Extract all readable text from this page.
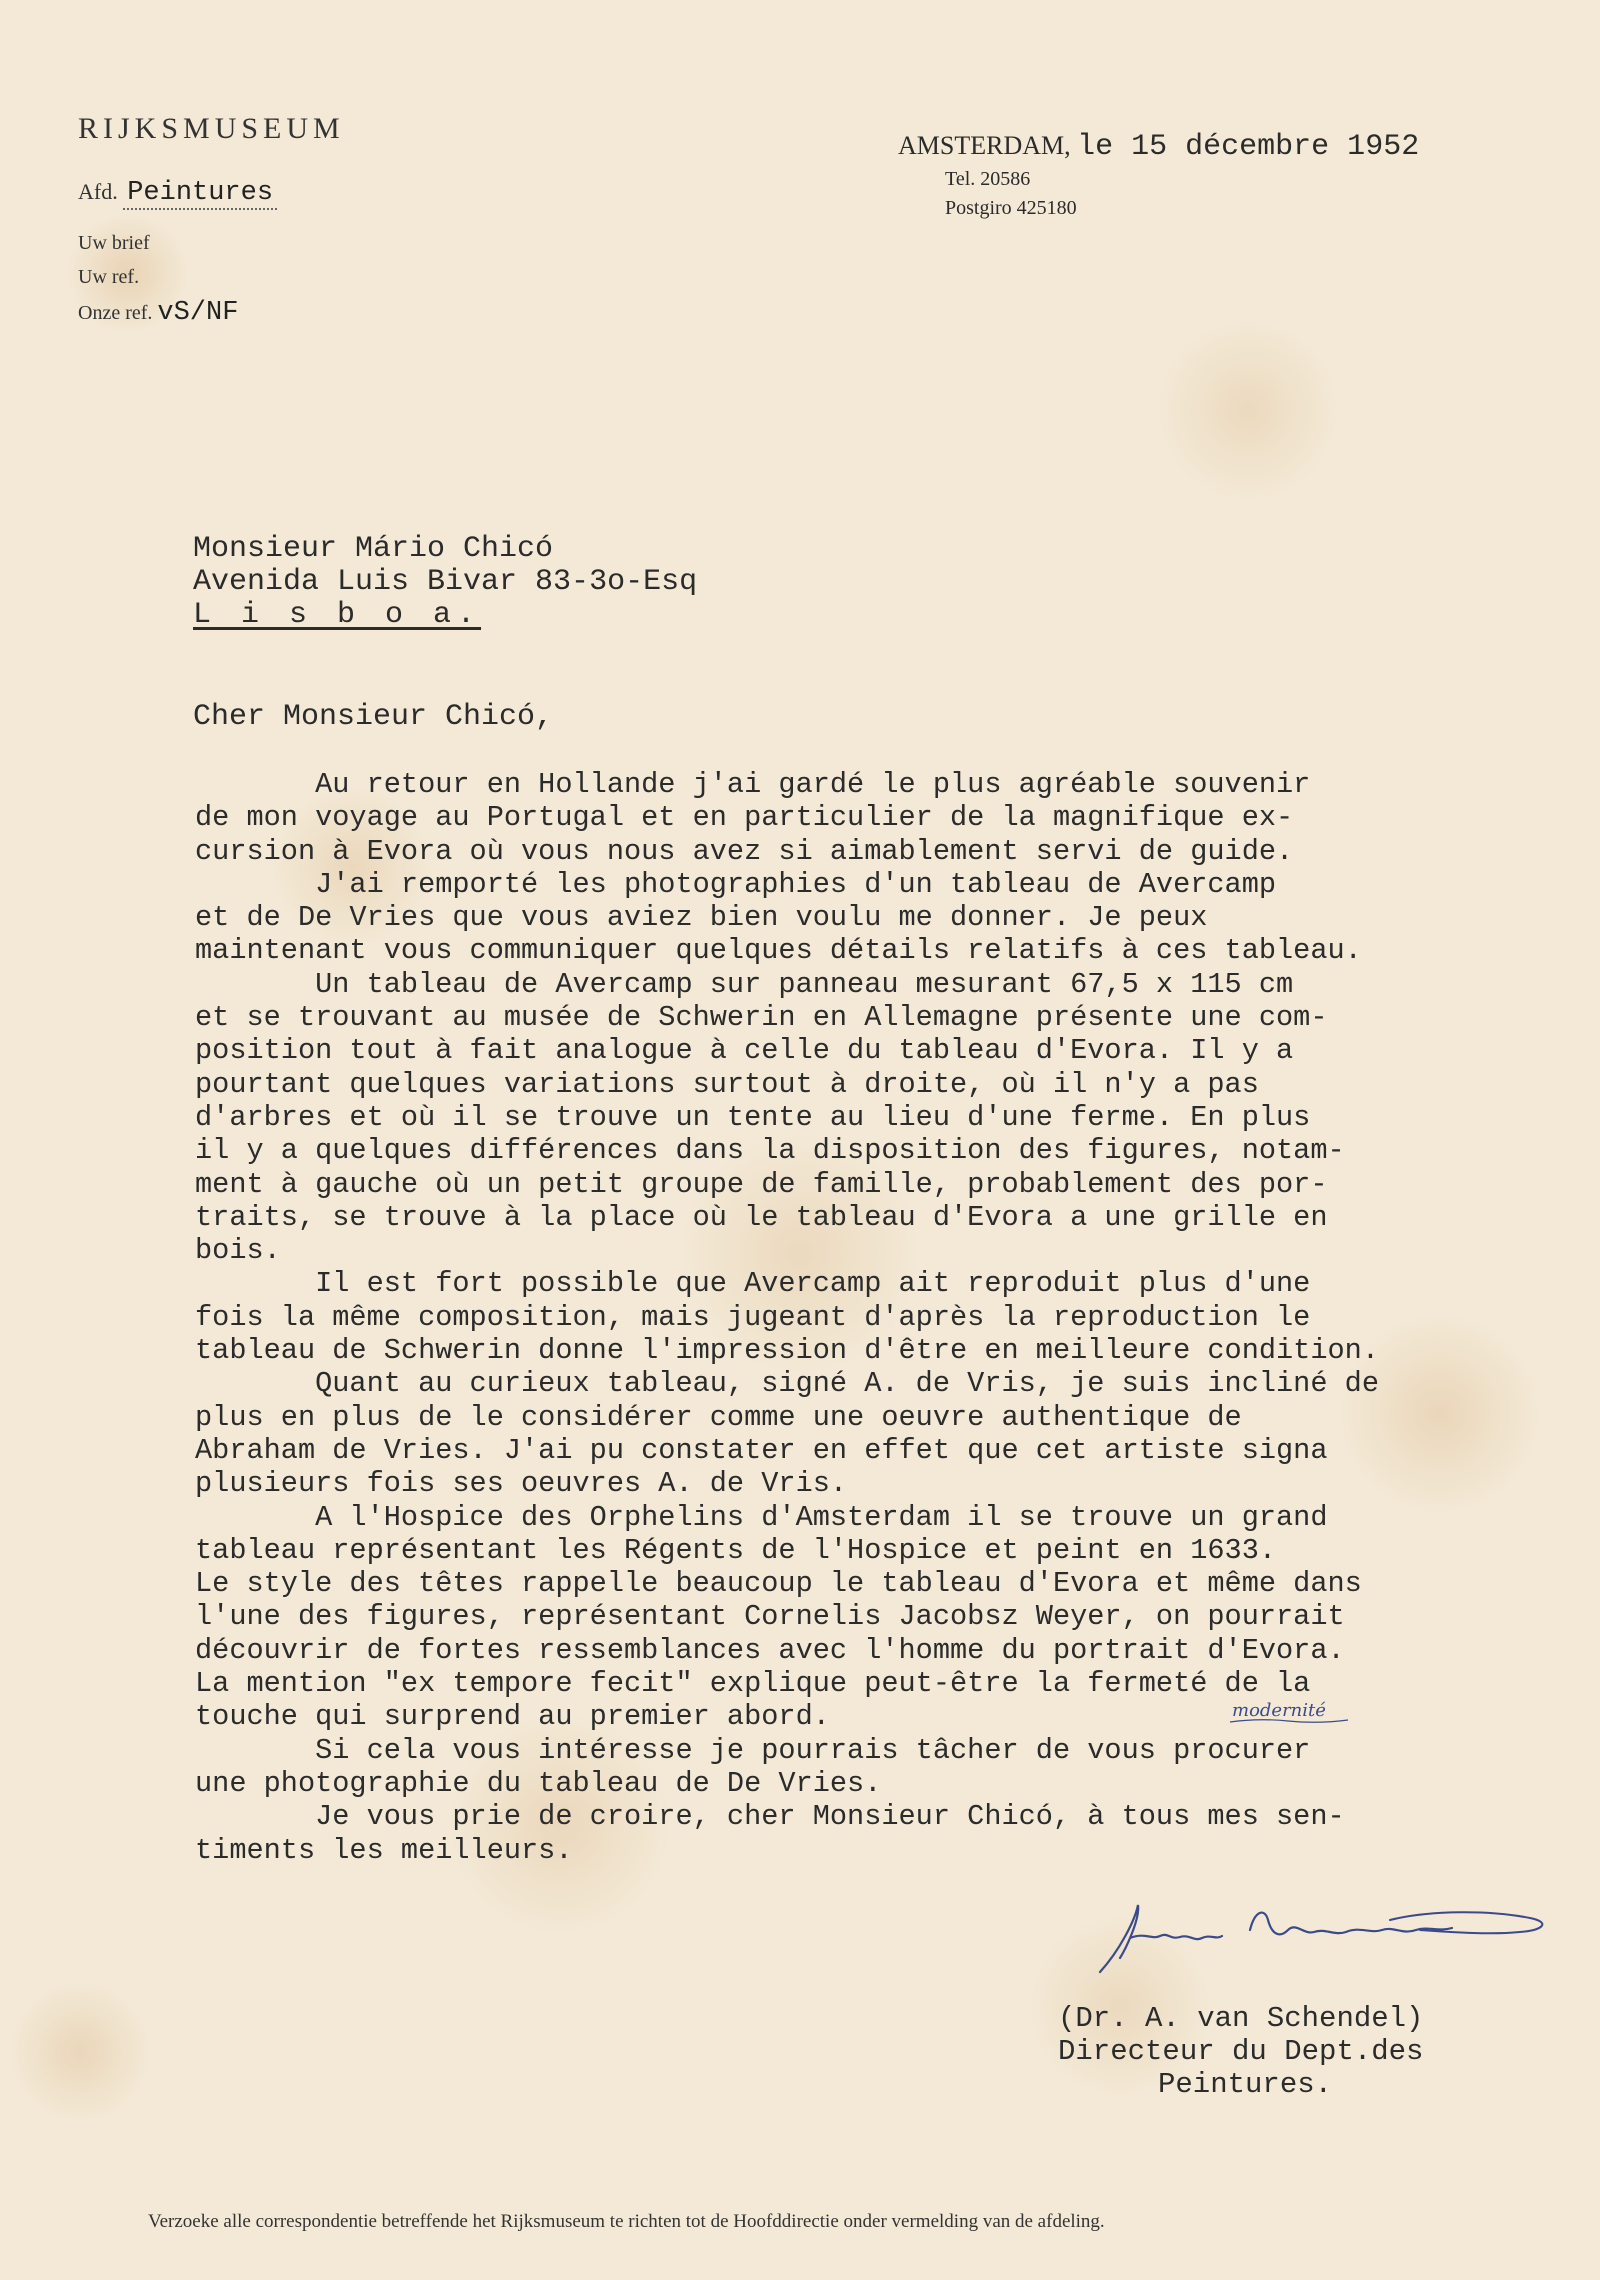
RIJKSMUSEUM
Afd. Peintures
Uw brief
Uw ref.
Onze ref. vS/NF
AMSTERDAM, le 15 décembre 1952
Tel. 20586
Postgiro 425180
Monsieur Mário Chicó
Avenida Luis Bivar 83-3o-Esq
L i s b o a.
Cher Monsieur Chicó,
Au retour en Hollande j'ai gardé le plus agréable souvenir
de mon voyage au Portugal et en particulier de la magnifique ex-
cursion à Evora où vous nous avez si aimablement servi de guide.
J'ai remporté les photographies d'un tableau de Avercamp
et de De Vries que vous aviez bien voulu me donner. Je peux
maintenant vous communiquer quelques détails relatifs à ces tableau.
Un tableau de Avercamp sur panneau mesurant 67,5 x 115 cm
et se trouvant au musée de Schwerin en Allemagne présente une com-
position tout à fait analogue à celle du tableau d'Evora. Il y a
pourtant quelques variations surtout à droite, où il n'y a pas
d'arbres et où il se trouve un tente au lieu d'une ferme. En plus
il y a quelques différences dans la disposition des figures, notam-
ment à gauche où un petit groupe de famille, probablement des por-
traits, se trouve à la place où le tableau d'Evora a une grille en
bois.
Il est fort possible que Avercamp ait reproduit plus d'une
fois la même composition, mais jugeant d'après la reproduction le
tableau de Schwerin donne l'impression d'être en meilleure condition.
Quant au curieux tableau, signé A. de Vris, je suis incliné de
plus en plus de le considérer comme une oeuvre authentique de
Abraham de Vries. J'ai pu constater en effet que cet artiste signa
plusieurs fois ses oeuvres A. de Vris.
A l'Hospice des Orphelins d'Amsterdam il se trouve un grand
tableau représentant les Régents de l'Hospice et peint en 1633.
Le style des têtes rappelle beaucoup le tableau d'Evora et même dans
l'une des figures, représentant Cornelis Jacobsz Weyer, on pourrait
découvrir de fortes ressemblances avec l'homme du portrait d'Evora.
La mention "ex tempore fecit" explique peut-être la fermeté de la
touche qui surprend au premier abord.
Si cela vous intéresse je pourrais tâcher de vous procurer
une photographie du tableau de De Vries.
Je vous prie de croire, cher Monsieur Chicó, à tous mes sen-
timents les meilleurs.
modernité
(Dr. A. van Schendel)
Directeur du Dept.des
Peintures.
Verzoeke alle correspondentie betreffende het Rijksmuseum te richten tot de Hoofddirectie onder vermelding van de afdeling.
